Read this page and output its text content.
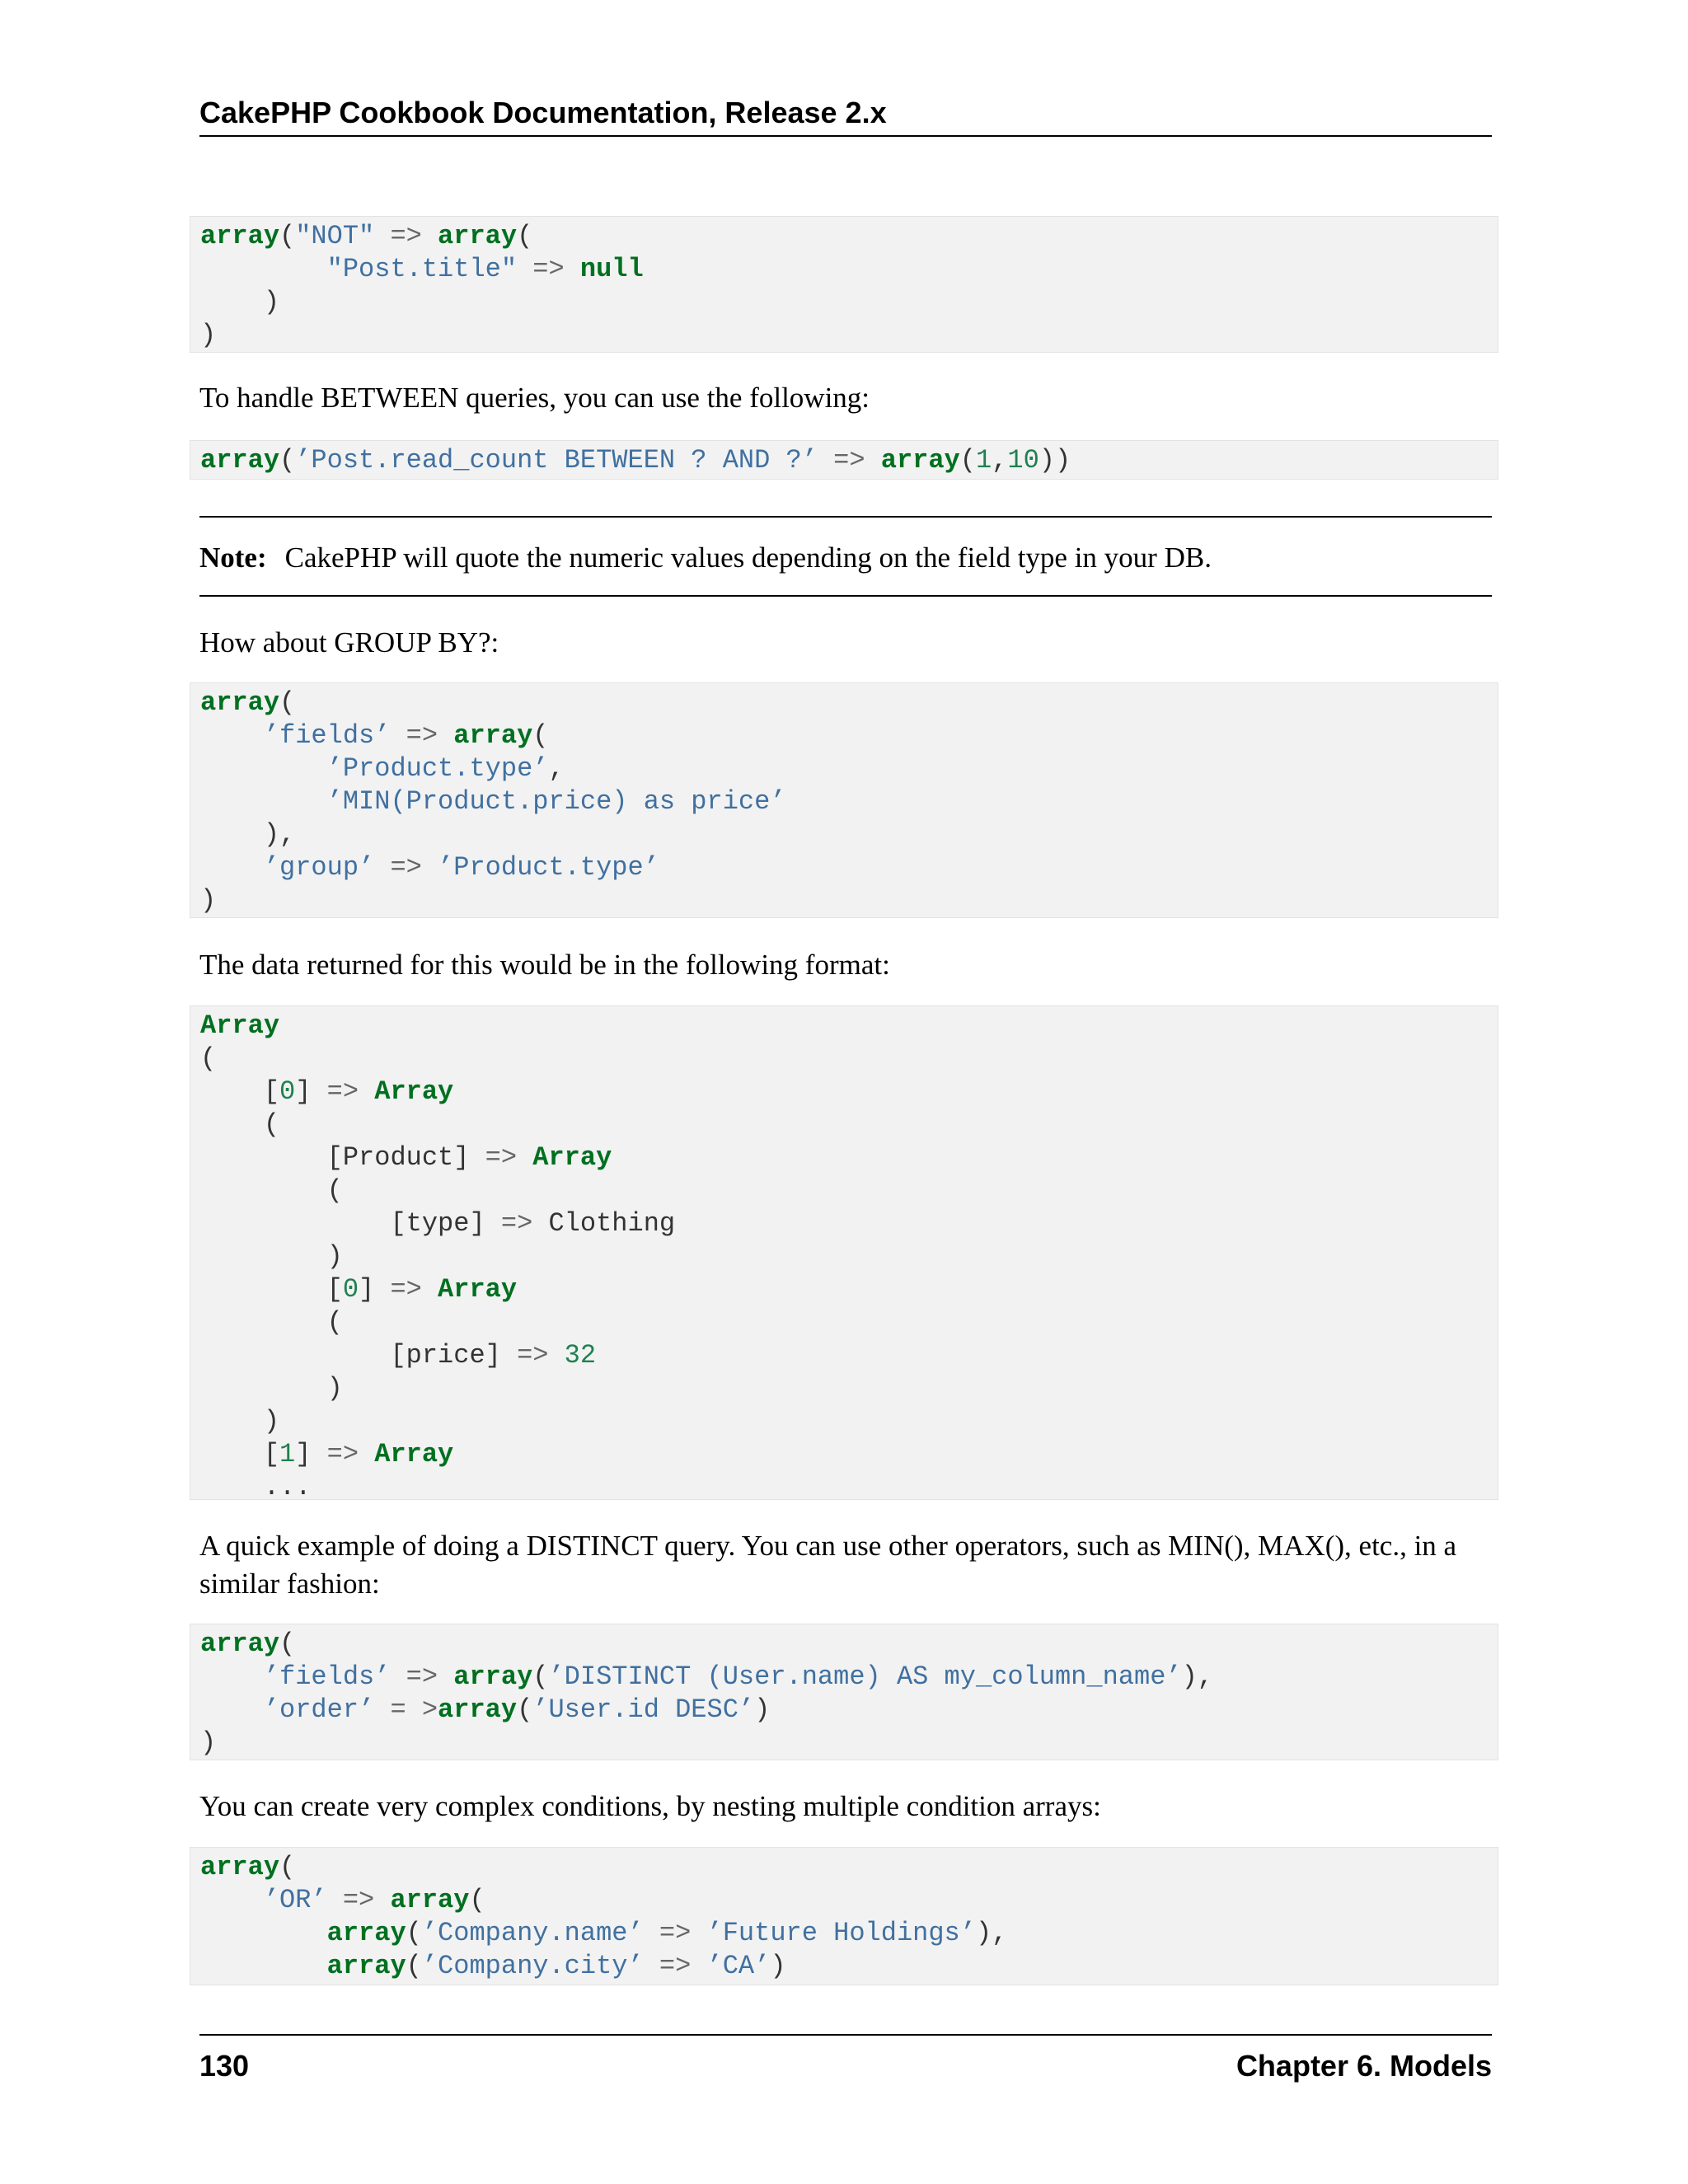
CakePHP Cookbook Documentation, Release 2.x
array("NOT" => array(
"Post.title" => null
)
)

To handle BETWEEN queries, you can use the following:

array(’Post.read_count BETWEEN ? AND ?’ => array(1,10))
Note: CakePHP will quote the numeric values depending on the field type in your DB.

How about GROUP BY?:

array(
’fields’ => array(
’Product.type’,
’MIN(Product.price) as price’
),
’group’ => ’Product.type’
)

The data returned for this would be in the following format:

Array
(
[0] => Array
(
[Product] => Array
(
[type] => Clothing
)
[0] => Array
(
[price] => 32
)
)
[1] => Array
...

A quick example of doing a DISTINCT query. You can use other operators, such as MIN(), MAX(), etc., in a similar fashion:

array(
’fields’ => array(’DISTINCT (User.name) AS my_column_name’),
’order’ = >array(’User.id DESC’)
)

You can create very complex conditions, by nesting multiple condition arrays:

array(
’OR’ => array(
array(’Company.name’ => ’Future Holdings’),
array(’Company.city’ => ’CA’)
130	Chapter 6. Models
